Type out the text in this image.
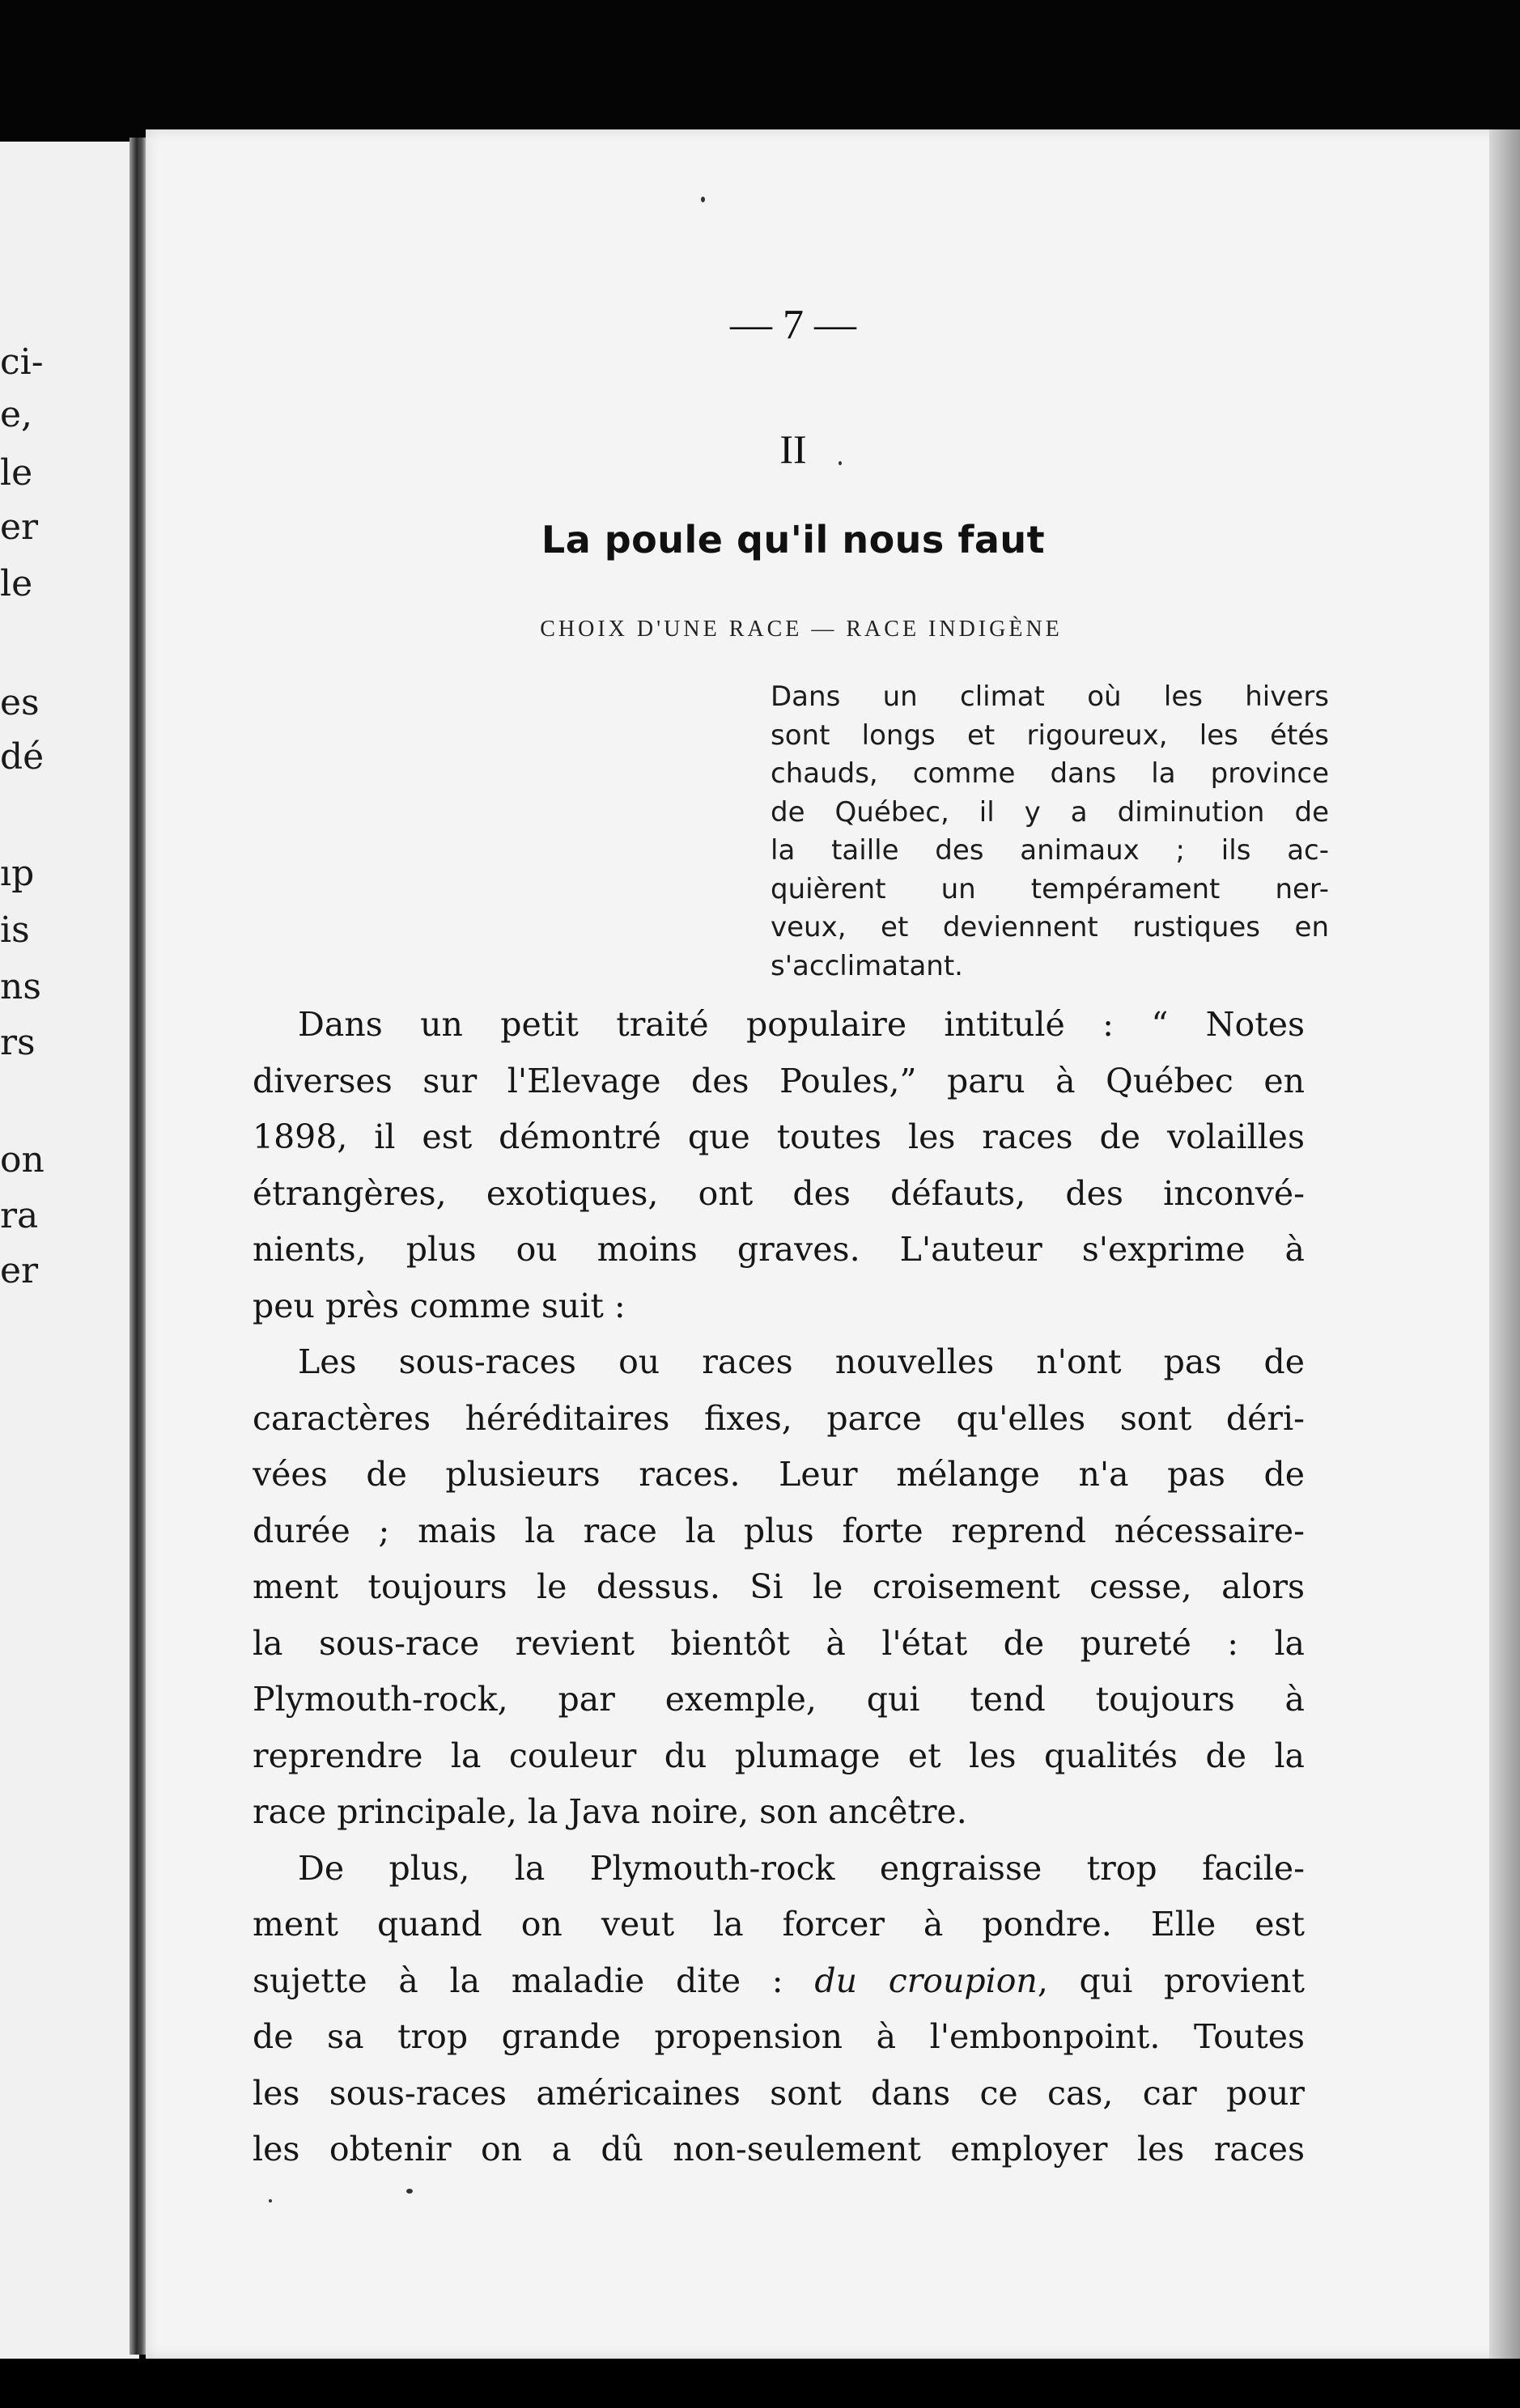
ci-
e,
le
er
le
es
dé
ıp
is
ns
rs
on
ra
er
— 7 —
II
La poule qu'il nous faut
CHOIX D'UNE RACE — RACE INDIGÈNE
Dans un climat où les hivers
sont longs et rigoureux, les étés
chauds, comme dans la province
de Québec, il y a diminution de
la taille des animaux ; ils ac-
quièrent un tempérament ner-
veux, et deviennent rustiques en
s'acclimatant.
Dans un petit traité populaire intitulé : “ Notes
diverses sur l'Elevage des Poules,” paru à Québec en
1898, il est démontré que toutes les races de volailles
étrangères, exotiques, ont des défauts, des inconvé-
nients, plus ou moins graves. L'auteur s'exprime à
peu près comme suit :
Les sous-races ou races nouvelles n'ont pas de
caractères héréditaires fixes, parce qu'elles sont déri-
vées de plusieurs races. Leur mélange n'a pas de
durée ; mais la race la plus forte reprend nécessaire-
ment toujours le dessus. Si le croisement cesse, alors
la sous-race revient bientôt à l'état de pureté : la
Plymouth-rock, par exemple, qui tend toujours à
reprendre la couleur du plumage et les qualités de la
race principale, la Java noire, son ancêtre.
De plus, la Plymouth-rock engraisse trop facile-
ment quand on veut la forcer à pondre. Elle est
sujette à la maladie dite : du croupion, qui provient
de sa trop grande propension à l'embonpoint. Toutes
les sous-races américaines sont dans ce cas, car pour
les obtenir on a dû non-seulement employer les races
